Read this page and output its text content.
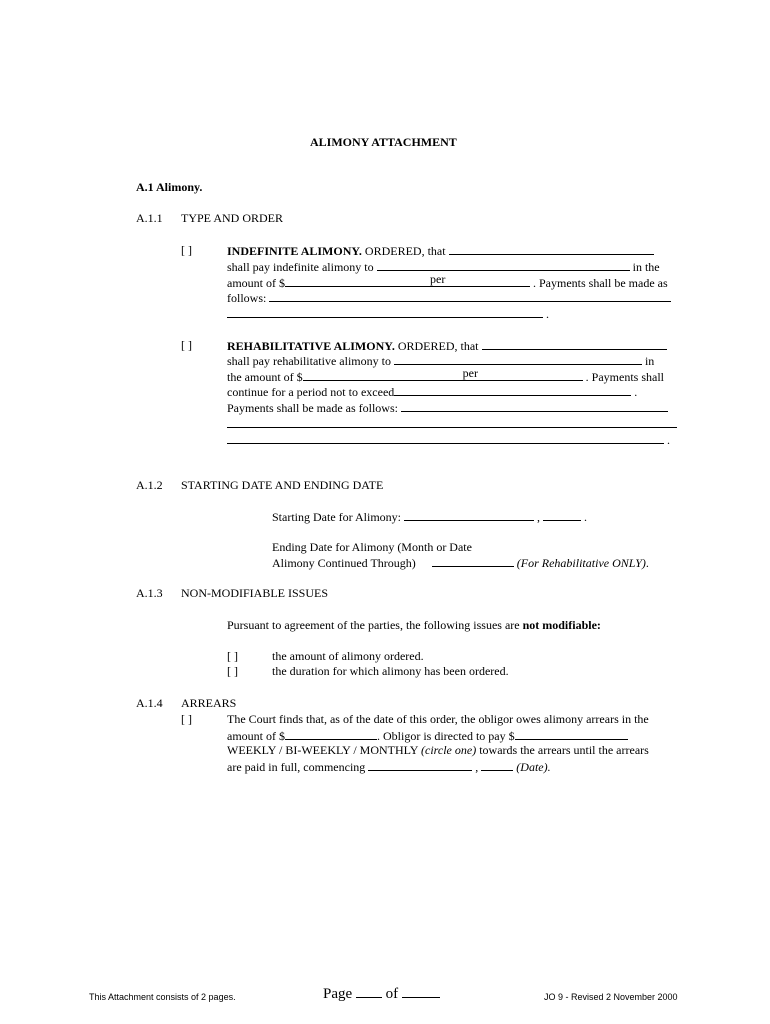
ALIMONY ATTACHMENT
A.1 Alimony.
A.1.1 TYPE AND ORDER
[ ]	INDEFINITE ALIMONY. ORDERED, that
shall pay indefinite alimony to	in the
amount of $	per	. Payments shall be made as
follows:
.
[ ]	REHABILITATIVE ALIMONY. ORDERED, that
shall pay rehabilitative alimony to	in
the amount of $	per	. Payments shall
continue for a period not to exceed	.
Payments shall be made as follows:
.
A.1.2 STARTING DATE AND ENDING DATE
Starting Date for Alimony:	,	.
Ending Date for Alimony (Month or Date
Alimony Continued Through)	(For Rehabilitative ONLY).
A.1.3 NON-MODIFIABLE ISSUES
Pursuant to agreement of the parties, the following issues are not modifiable:
[ ]	the amount of alimony ordered.
[ ]	the duration for which alimony has been ordered.
A.1.4 ARREARS
[ ]	The Court finds that, as of the date of this order, the obligor owes alimony arrears in the
amount of $	. Obligor is directed to pay $
WEEKLY / BI-WEEKLY / MONTHLY (circle one) towards the arrears until the arrears
are paid in full, commencing	,	(Date).
This Attachment consists of 2 pages.	Page of	JO 9 - Revised 2 November 2000
